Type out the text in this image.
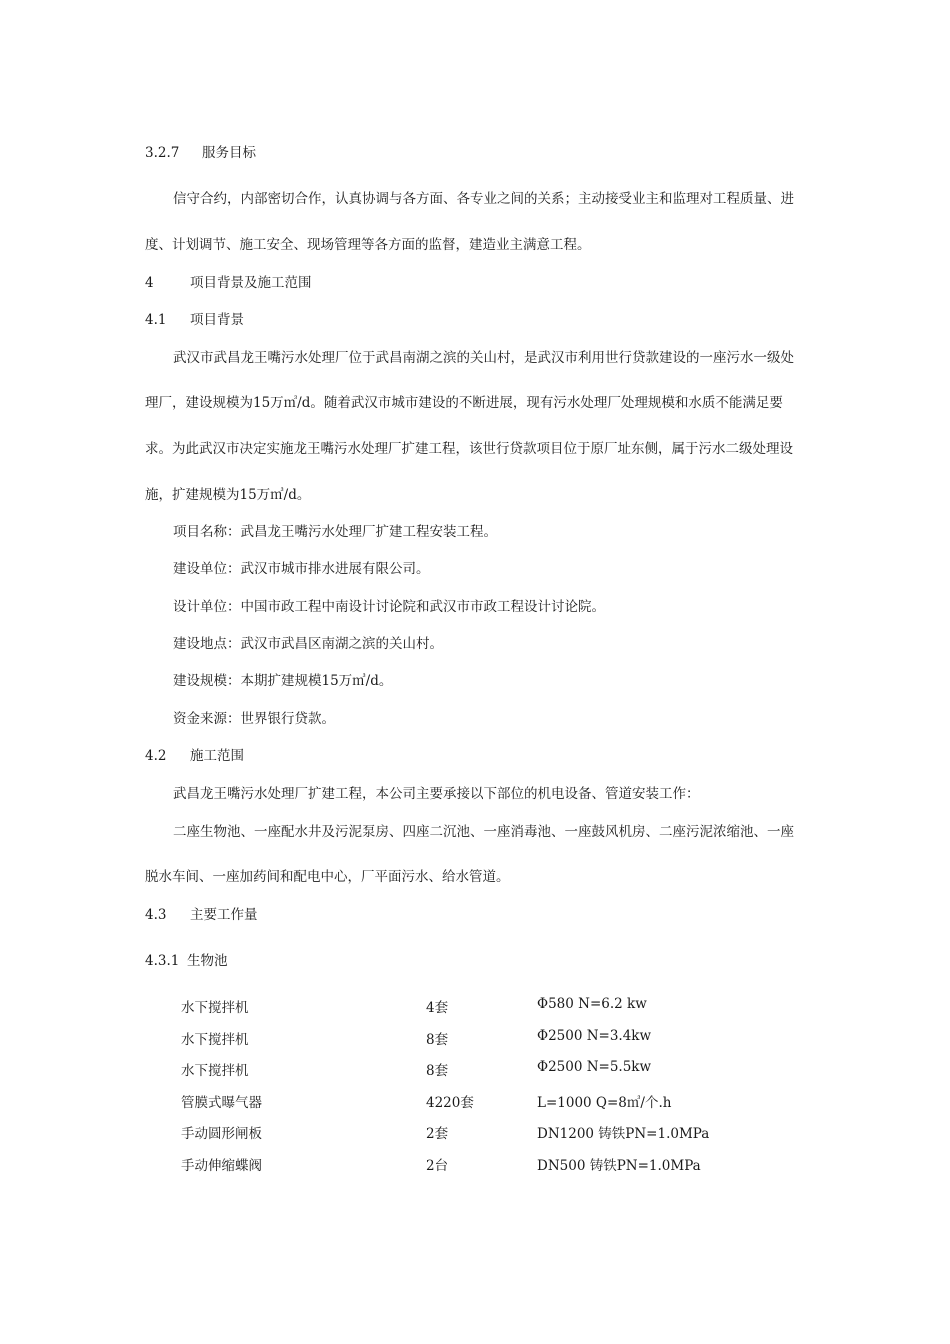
3.2.7 服务目标
信守合约，内部密切合作，认真协调与各方面、各专业之间的关系；主动接受业主和监理对工程质量、进
度、计划调节、施工安全、现场管理等各方面的监督，建造业主满意工程。
4	项目背景及施工范围
4.1 项目背景
武汉市武昌龙王嘴污水处理厂位于武昌南湖之滨的关山村，是武汉市利用世行贷款建设的一座污水一级处
理厂，建设规模为15万㎥/d。随着武汉市城市建设的不断进展，现有污水处理厂处理规模和水质不能满足要
求。为此武汉市决定实施龙王嘴污水处理厂扩建工程，该世行贷款项目位于原厂址东侧，属于污水二级处理设
施，扩建规模为15万㎥/d。
项目名称：武昌龙王嘴污水处理厂扩建工程安装工程。
建设单位：武汉市城市排水进展有限公司。
设计单位：中国市政工程中南设计讨论院和武汉市市政工程设计讨论院。
建设地点：武汉市武昌区南湖之滨的关山村。
建设规模：本期扩建规模15万㎥/d。
资金来源：世界银行贷款。
4.2 施工范围
武昌龙王嘴污水处理厂扩建工程，本公司主要承接以下部位的机电设备、管道安装工作：
二座生物池、一座配水井及污泥泵房、四座二沉池、一座消毒池、一座鼓风机房、二座污泥浓缩池、一座
脱水车间、一座加药间和配电中心，厂平面污水、给水管道。
4.3 主要工作量
4.3.1 生物池
水下搅拌机	4套	Φ580 N=6.2 kw
水下搅拌机	8套	Φ2500 N=3.4kw
水下搅拌机	8套	Φ2500 N=5.5kw
管膜式曝气器	4220套	L=1000 Q=8㎥/个.h
手动圆形闸板	2套	DN1200 铸铁PN=1.0MPa
手动伸缩蝶阀	2台	DN500 铸铁PN=1.0MPa
